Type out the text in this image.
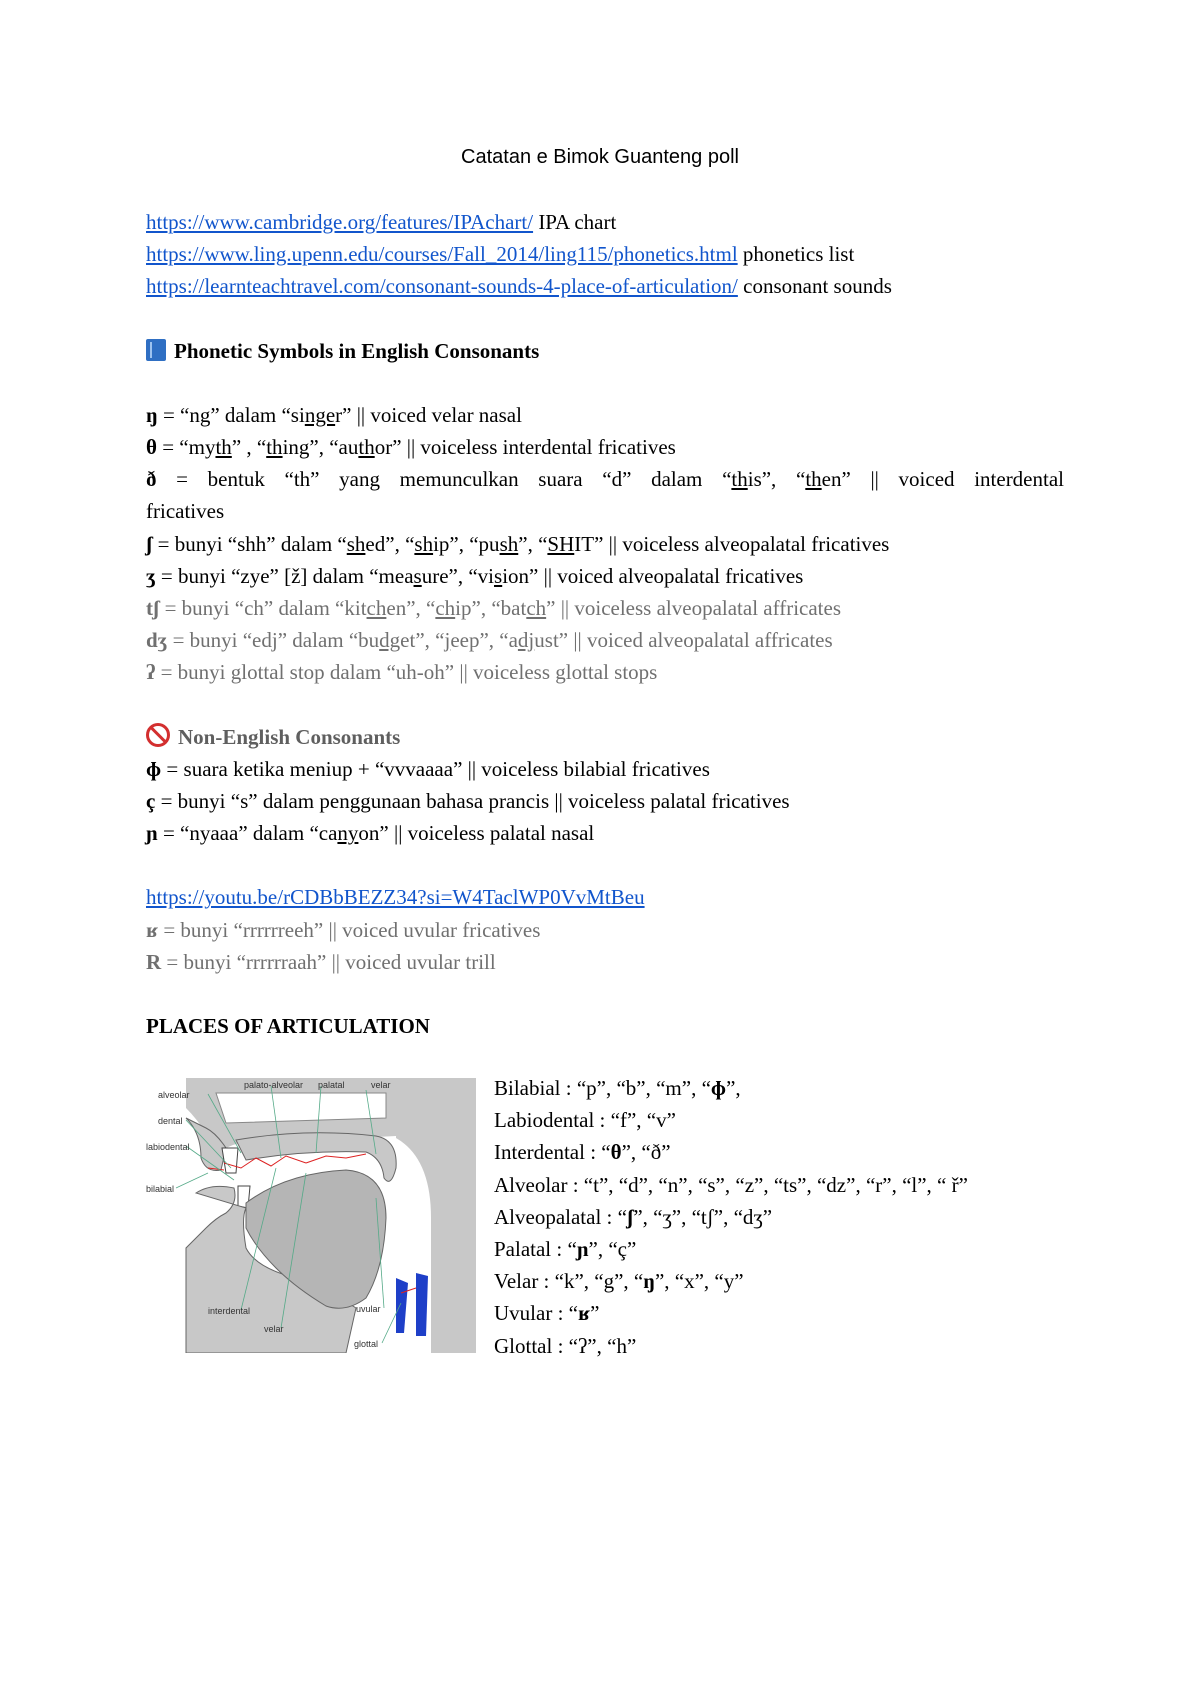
Catatan e Bimok Guanteng poll
https://www.cambridge.org/features/IPAchart/ IPA chart
https://www.ling.upenn.edu/courses/Fall_2014/ling115/phonetics.html phonetics list
https://learnteachtravel.com/consonant-sounds-4-place-of-articulation/ consonant sounds
Phonetic Symbols in English Consonants
ŋ = “ng” dalam “singer” || voiced velar nasal
θ = “myth” , “thing”, “author” || voiceless interdental fricatives
ð = bentuk “th” yang memunculkan suara “d” dalam “this”, “then” || voiced interdental
fricatives
ʃ = bunyi “shh” dalam “shed”, “ship”, “push”, “SHIT” || voiceless alveopalatal fricatives
ʒ = bunyi “zye” [ž] dalam “measure”, “vision” || voiced alveopalatal fricatives
tʃ = bunyi “ch” dalam “kitchen”, “chip”, “batch” || voiceless alveopalatal affricates
dʒ = bunyi “edj” dalam “budget”, “jeep”, “adjust” || voiced alveopalatal affricates
ʔ = bunyi glottal stop dalam “uh-oh” || voiceless glottal stops
Non-English Consonants
ɸ = suara ketika meniup + “vvvaaaa” || voiceless bilabial fricatives
ç = bunyi “s” dalam penggunaan bahasa prancis || voiceless palatal fricatives
ɲ = “nyaaa” dalam “canyon” || voiceless palatal nasal
https://youtu.be/rCDBbBEZZ34?si=W4TaclWP0VvMtBeu
ʁ = bunyi “rrrrrreeh” || voiced uvular fricatives
R = bunyi “rrrrrraah” || voiced uvular trill
PLACES OF ARTICULATION
alveolar
palato-alveolar palatal	velar
dental
labiodental
bilabial
interdental
velar
uvular
glottal
Bilabial : “p”, “b”, “m”, “ɸ”,
Labiodental : “f”, “v”
Interdental : “θ”, “ð”
Alveolar : “t”, “d”, “n”, “s”, “z”, “ts”, “dz”, “r”, “l”, “ ř”
Alveopalatal : “ʃ”, “ʒ”, “tʃ”, “dʒ”
Palatal : “ɲ”, “ç”
Velar : “k”, “g”, “ŋ”, “x”, “y”
Uvular : “ʁ”
Glottal : “ʔ”, “h”
